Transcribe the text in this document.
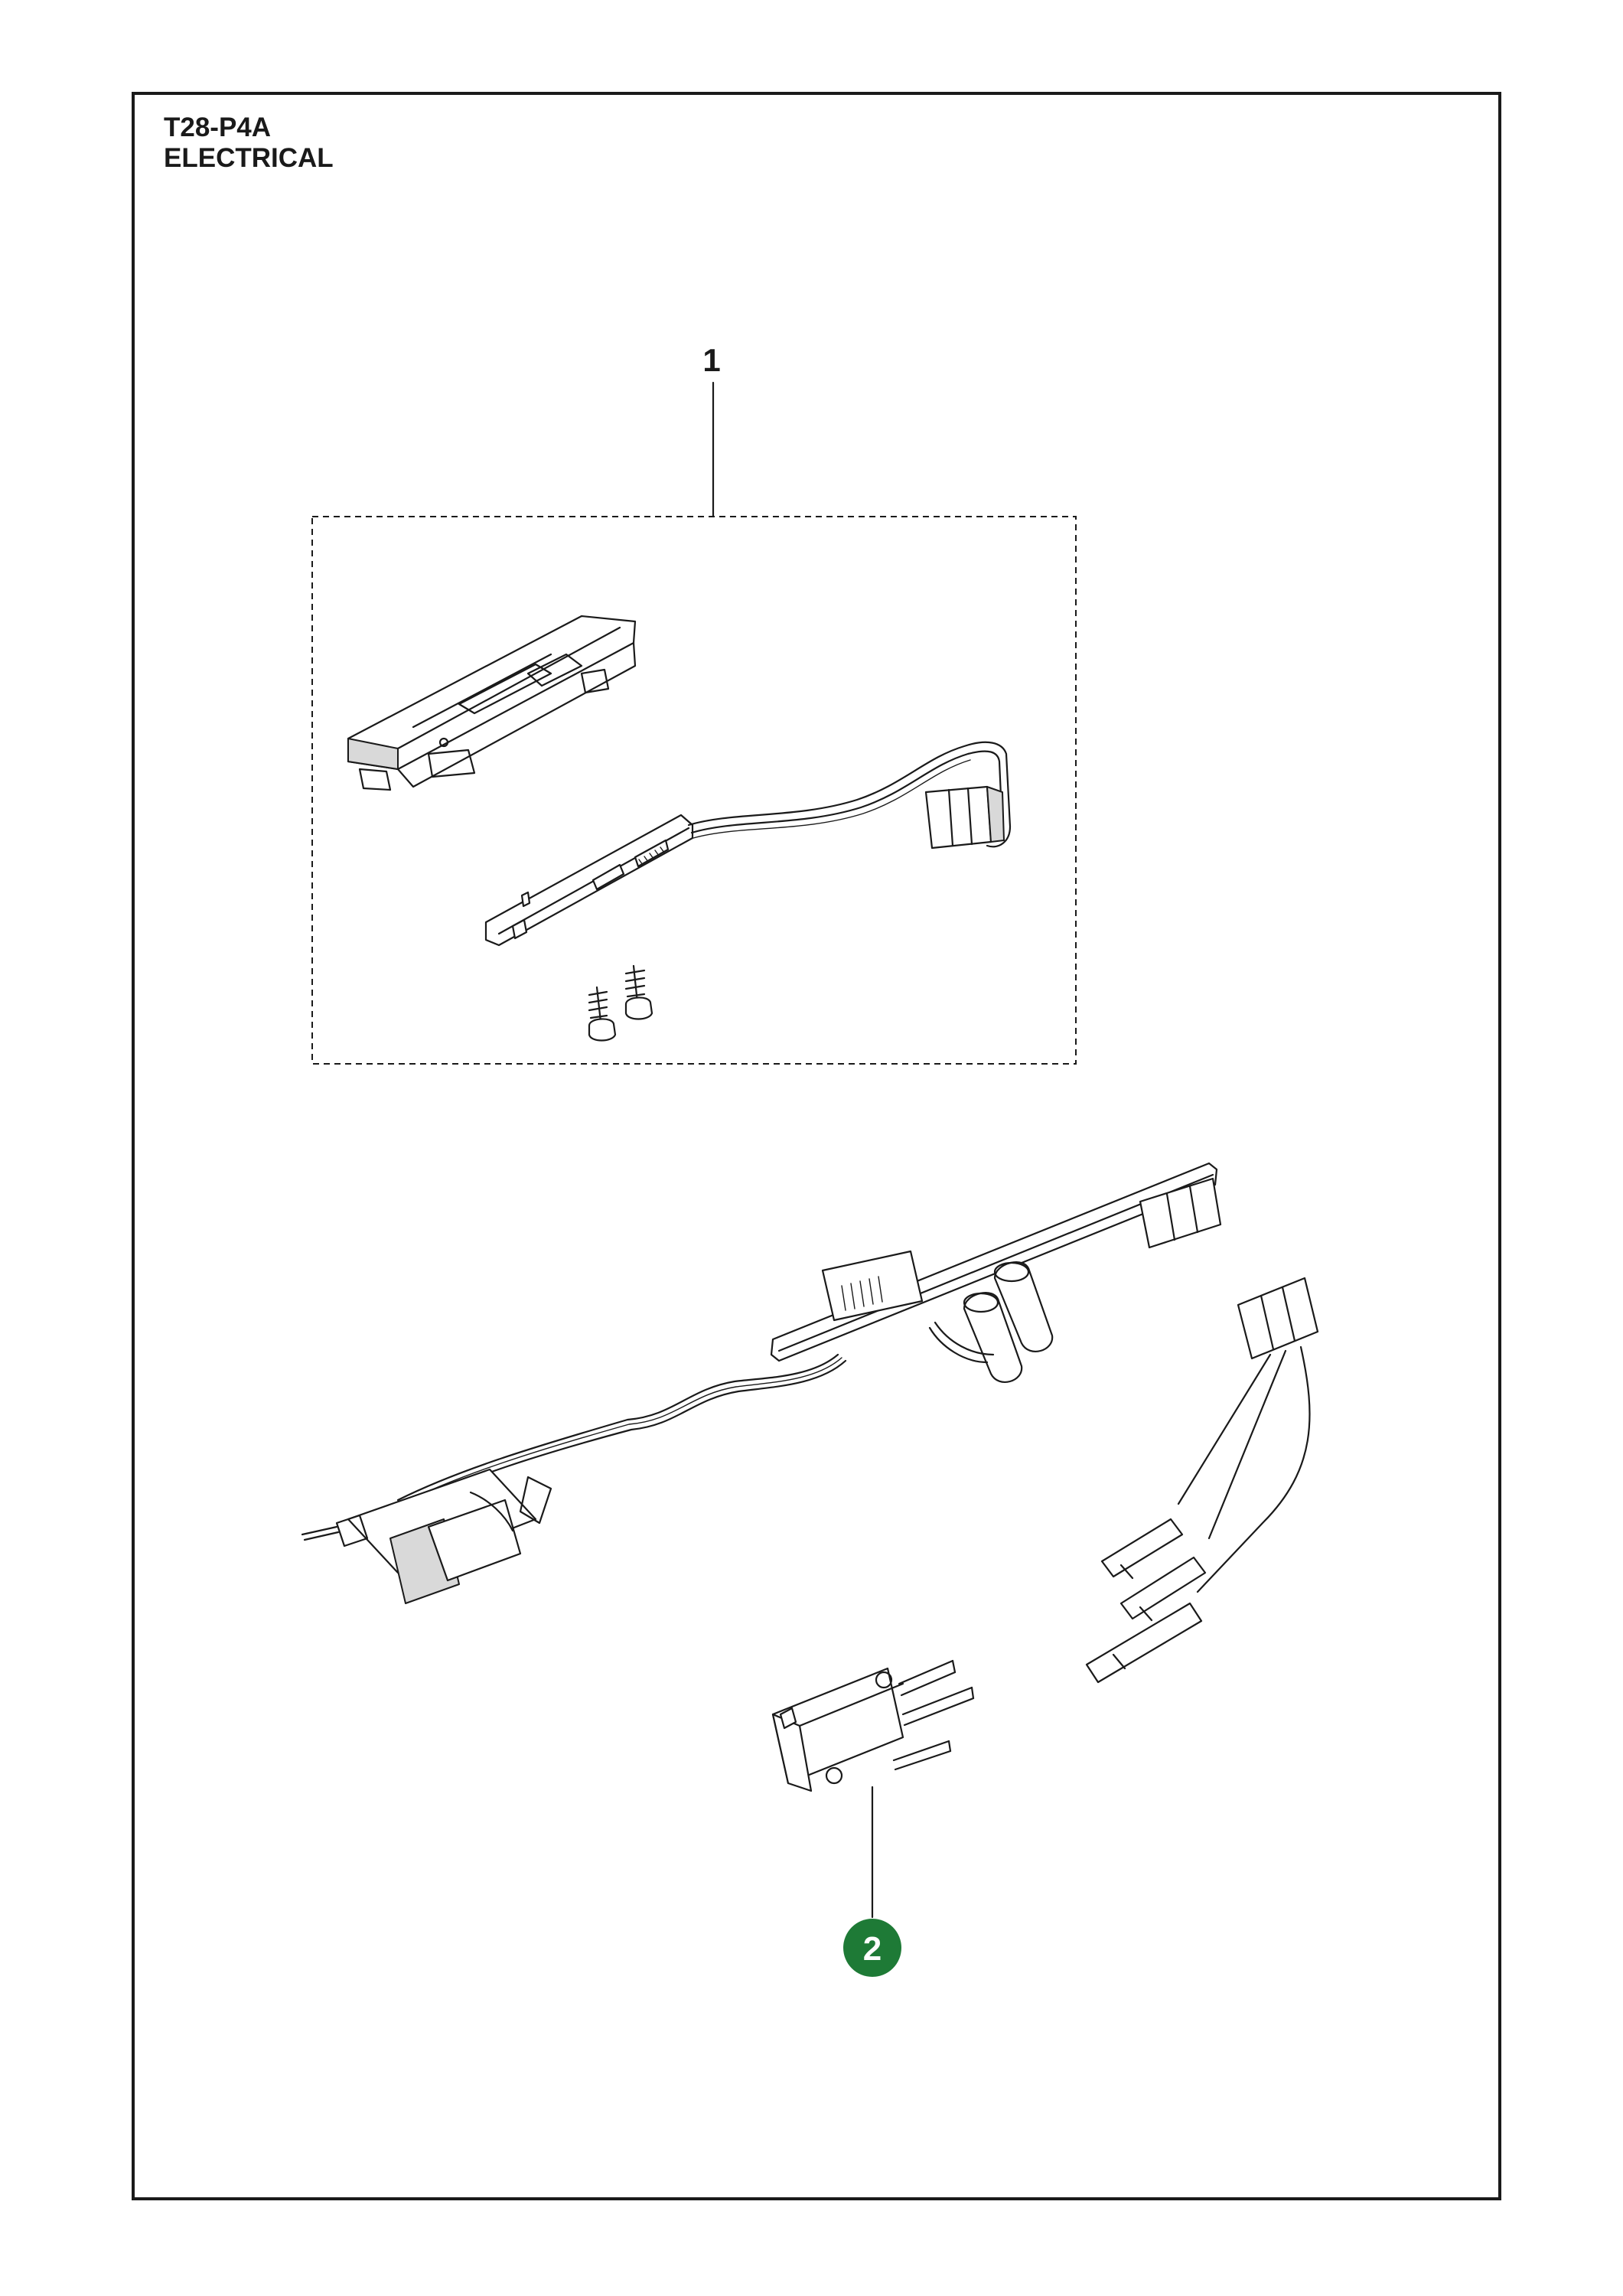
T28-P4A
ELECTRICAL
1
2
